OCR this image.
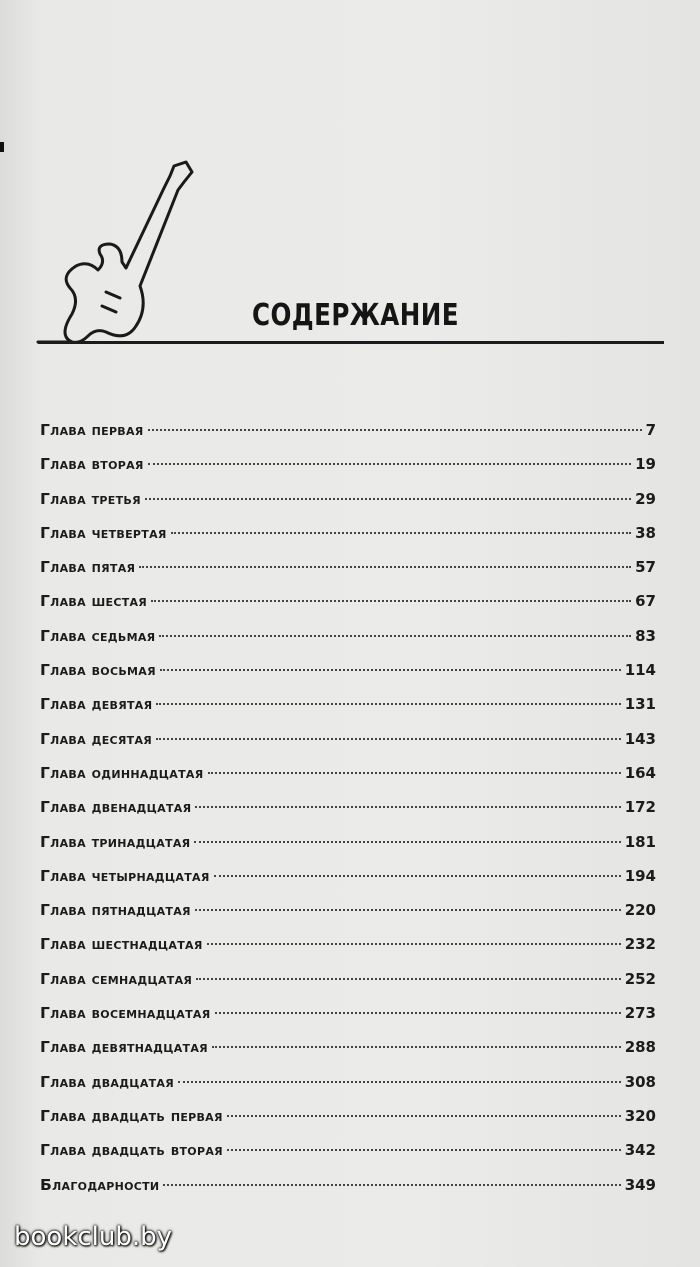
СОДЕРЖАНИЕ
Глава первая	7
Глава вторая	19
Глава третья	29
Глава четвертая	38
Глава пятая	57
Глава шестая	67
Глава седьмая	83
Глава восьмая	114
Глава девятая	131
Глава десятая	143
Глава одиннадцатая	164
Глава двенадцатая	172
Глава тринадцатая	181
Глава четырнадцатая	194
Глава пятнадцатая	220
Глава шестнадцатая	232
Глава семнадцатая	252
Глава восемнадцатая	273
Глава девятнадцатая	288
Глава двадцатая	308
Глава двадцать первая	320
Глава двадцать вторая	342
Благодарности	349
bookclub.by
